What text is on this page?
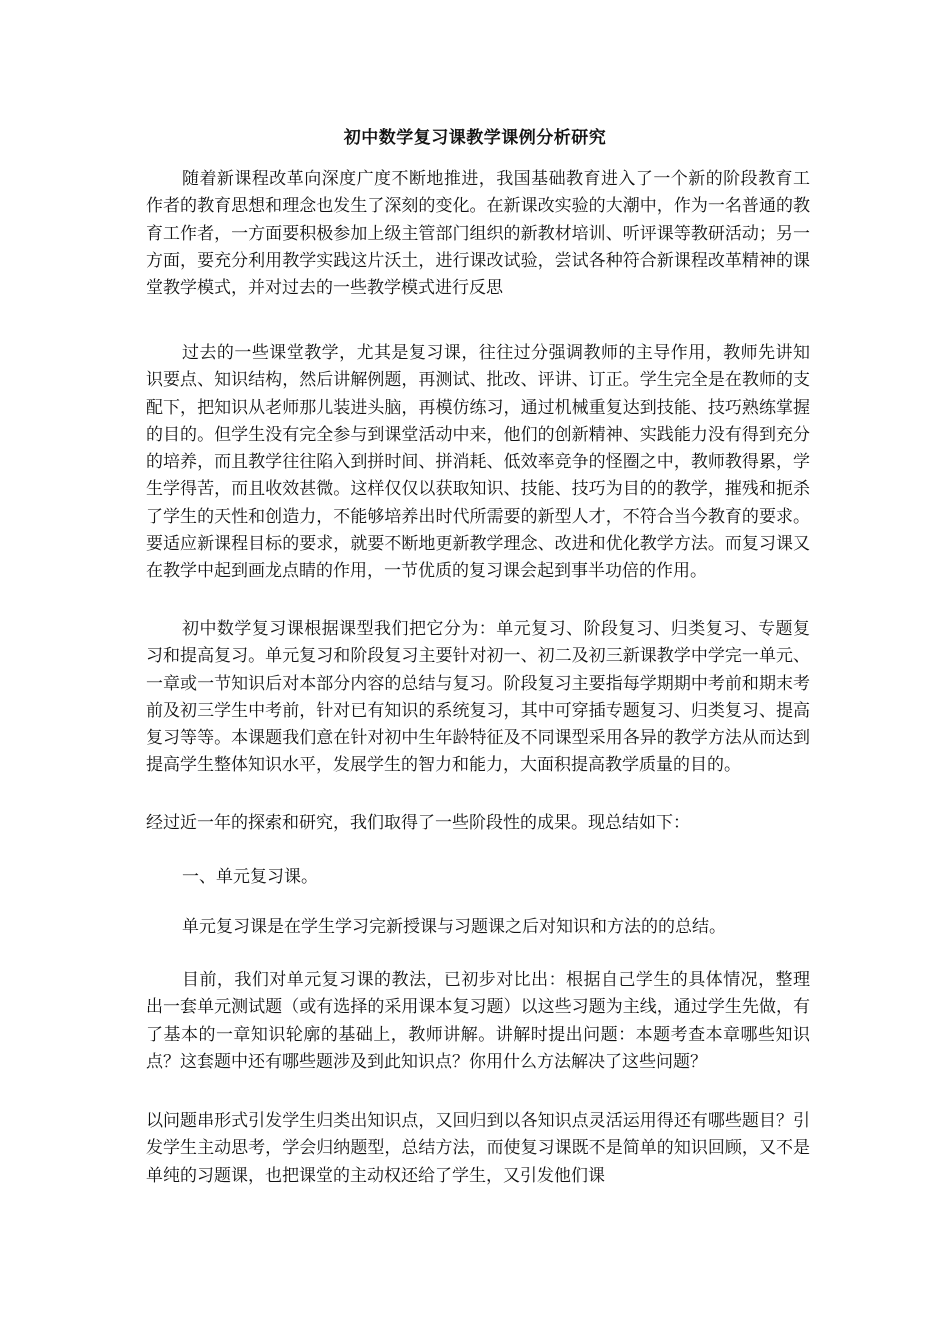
初中数学复习课教学课例分析研究

随着新课程改革向深度广度不断地推进，我国基础教育进入了一个新的阶段教育工作者的教育思想和理念也发生了深刻的变化。在新课改实验的大潮中，作为一名普通的教育工作者，一方面要积极参加上级主管部门组织的新教材培训、听评课等教研活动；另一方面，要充分利用教学实践这片沃土，进行课改试验，尝试各种符合新课程改革精神的课堂教学模式，并对过去的一些教学模式进行反思

过去的一些课堂教学，尤其是复习课，往往过分强调教师的主导作用，教师先讲知识要点、知识结构，然后讲解例题，再测试、批改、评讲、订正。学生完全是在教师的支配下，把知识从老师那儿装进头脑，再模仿练习，通过机械重复达到技能、技巧熟练掌握的目的。但学生没有完全参与到课堂活动中来，他们的创新精神、实践能力没有得到充分的培养，而且教学往往陷入到拼时间、拼消耗、低效率竞争的怪圈之中，教师教得累，学生学得苦，而且收效甚微。这样仅仅以获取知识、技能、技巧为目的的教学，摧残和扼杀了学生的天性和创造力，不能够培养出时代所需要的新型人才，不符合当今教育的要求。要适应新课程目标的要求，就要不断地更新教学理念、改进和优化教学方法。而复习课又在教学中起到画龙点睛的作用，一节优质的复习课会起到事半功倍的作用。

初中数学复习课根据课型我们把它分为：单元复习、阶段复习、归类复习、专题复习和提高复习。单元复习和阶段复习主要针对初一、初二及初三新课教学中学完一单元、一章或一节知识后对本部分内容的总结与复习。阶段复习主要指每学期期中考前和期末考前及初三学生中考前，针对已有知识的系统复习，其中可穿插专题复习、归类复习、提高复习等等。本课题我们意在针对初中生年龄特征及不同课型采用各异的教学方法从而达到提高学生整体知识水平，发展学生的智力和能力，大面积提高教学质量的目的。

经过近一年的探索和研究，我们取得了一些阶段性的成果。现总结如下：

一、单元复习课。

单元复习课是在学生学习完新授课与习题课之后对知识和方法的的总结。

目前，我们对单元复习课的教法，已初步对比出：根据自己学生的具体情况，整理出一套单元测试题（或有选择的采用课本复习题）以这些习题为主线，通过学生先做，有了基本的一章知识轮廓的基础上，教师讲解。讲解时提出问题：本题考查本章哪些知识点？这套题中还有哪些题涉及到此知识点？你用什么方法解决了这些问题？

以问题串形式引发学生归类出知识点，又回归到以各知识点灵活运用得还有哪些题目？引发学生主动思考，学会归纳题型，总结方法，而使复习课既不是简单的知识回顾，又不是单纯的习题课，也把课堂的主动权还给了学生，又引发他们课
